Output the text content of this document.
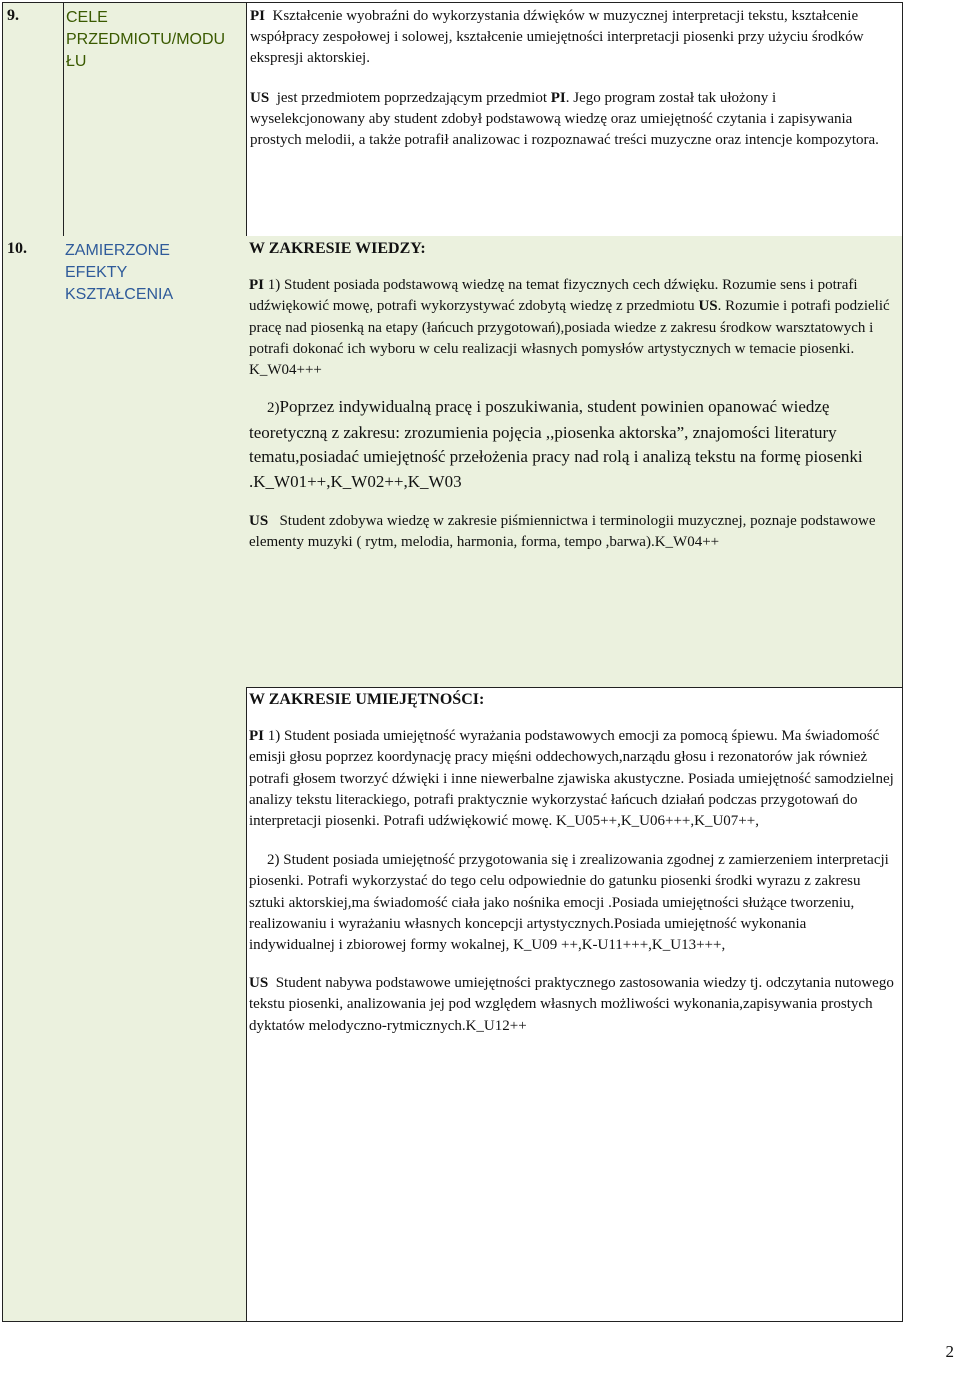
9.	CELE
PRZEDMIOTU/MODU
ŁU

PI Kształcenie wyobraźni do wykorzystania dźwięków w muzycznej interpretacji tekstu, kształcenie współpracy zespołowej i solowej, kształcenie umiejętności interpretacji piosenki przy użyciu środków ekspresji aktorskiej.

US jest przedmiotem poprzedzającym przedmiot PI. Jego program został tak ułożony i wyselekcjonowany aby student zdobył podstawową wiedzę oraz umiejętność czytania i zapisywania prostych melodii, a także potrafił analizowac i rozpoznawać treści muzyczne oraz intencje kompozytora.

10.	ZAMIERZONE
EFEKTY
KSZTAŁCENIA

W ZAKRESIE WIEDZY:

PI 1) Student posiada podstawową wiedzę na temat fizycznych cech dźwięku. Rozumie sens i potrafi udźwiękowić mowę, potrafi wykorzystywać zdobytą wiedzę z przedmiotu US. Rozumie i potrafi podzielić pracę nad piosenką na etapy (łańcuch przygotowań),posiada wiedze z zakresu środkow warsztatowych i potrafi dokonać ich wyboru w celu realizacji własnych pomysłów artystycznych w temacie piosenki. K_W04+++

2)Poprzez indywidualną pracę i poszukiwania, student powinien opanować wiedzę teoretyczną z zakresu: zrozumienia pojęcia ,,piosenka aktorska”, znajomości literatury tematu,posiadać umiejętność przełożenia pracy nad rolą i analizą tekstu na formę piosenki .K_W01++,K_W02++,K_W03

US Student zdobywa wiedzę w zakresie piśmiennictwa i terminologii muzycznej, poznaje podstawowe elementy muzyki ( rytm, melodia, harmonia, forma, tempo ,barwa).K_W04++

W ZAKRESIE UMIEJĘTNOŚCI:

PI 1) Student posiada umiejętność wyrażania podstawowych emocji za pomocą śpiewu. Ma świadomość emisji głosu poprzez koordynację pracy mięśni oddechowych,narządu głosu i rezonatorów jak również potrafi głosem tworzyć dźwięki i inne niewerbalne zjawiska akustyczne. Posiada umiejętność samodzielnej analizy tekstu literackiego, potrafi praktycznie wykorzystać łańcuch działań podczas przygotowań do interpretacji piosenki. Potrafi udźwiękowić mowę. K_U05++,K_U06+++,K_U07++,

2) Student posiada umiejętność przygotowania się i zrealizowania zgodnej z zamierzeniem interpretacji piosenki. Potrafi wykorzystać do tego celu odpowiednie do gatunku piosenki środki wyrazu z zakresu sztuki aktorskiej,ma świadomość ciała jako nośnika emocji .Posiada umiejętności służące tworzeniu, realizowaniu i wyrażaniu własnych koncepcji artystycznych.Posiada umiejętność wykonania indywidualnej i zbiorowej formy wokalnej, K_U09 ++,K-U11+++,K_U13+++,

US Student nabywa podstawowe umiejętności praktycznego zastosowania wiedzy tj. odczytania nutowego tekstu piosenki, analizowania jej pod względem własnych możliwości wykonania,zapisywania prostych dyktatów melodyczno-rytmicznych.K_U12++

2
